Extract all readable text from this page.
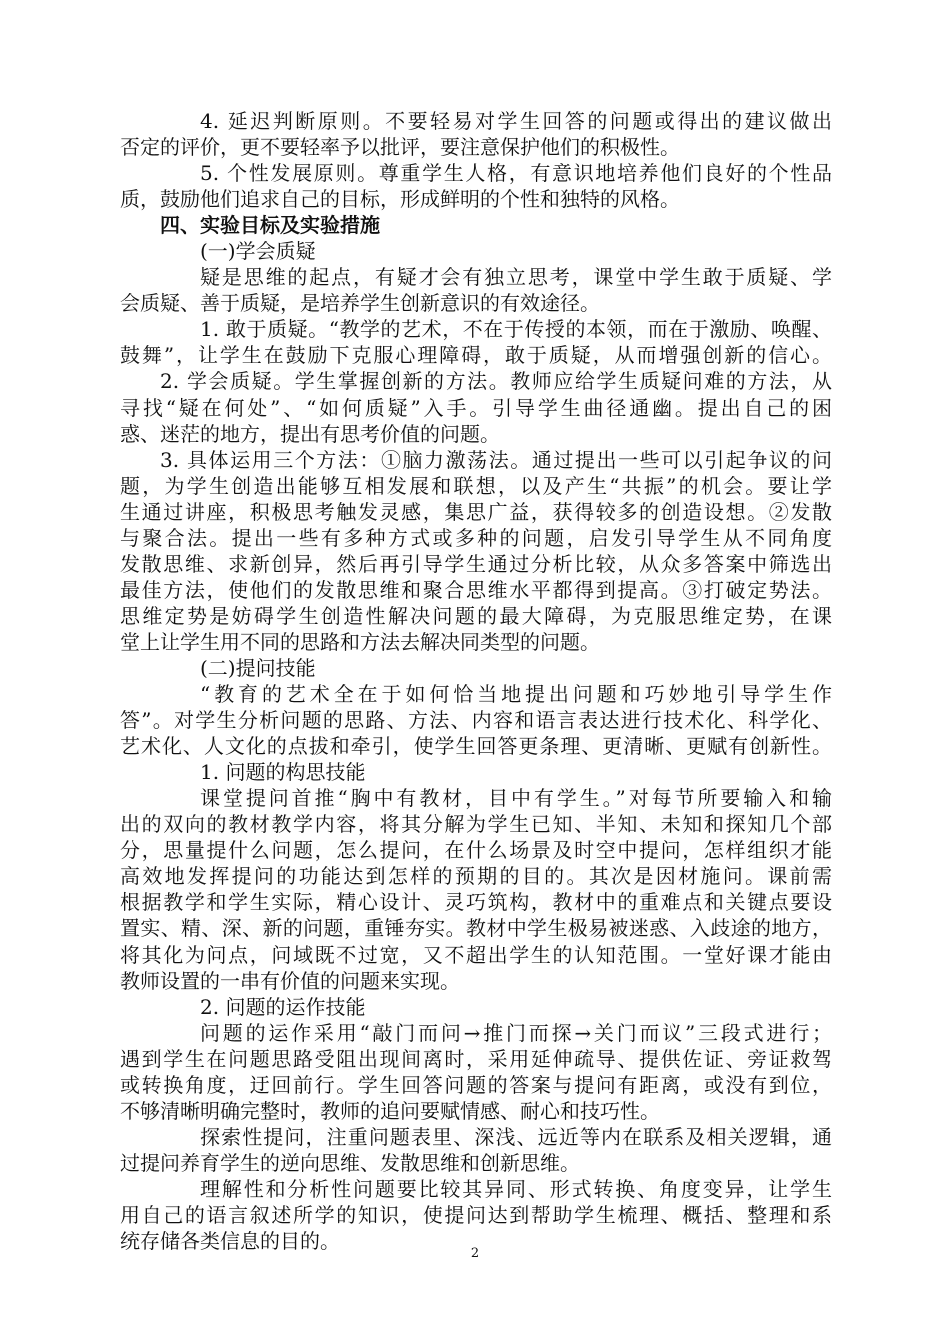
4. 延迟判断原则。不要轻易对学生回答的问题或得出的建议做出
否定的评价，更不要轻率予以批评，要注意保护他们的积极性。
5. 个性发展原则。尊重学生人格，有意识地培养他们良好的个性品
质，鼓励他们追求自己的目标，形成鲜明的个性和独特的风格。
四、实验目标及实验措施
(一)学会质疑
疑是思维的起点，有疑才会有独立思考，课堂中学生敢于质疑、学
会质疑、善于质疑，是培养学生创新意识的有效途径。
1. 敢于质疑。“教学的艺术，不在于传授的本领，而在于激励、唤醒、
鼓舞”，让学生在鼓励下克服心理障碍，敢于质疑，从而增强创新的信心。
2. 学会质疑。学生掌握创新的方法。教师应给学生质疑问难的方法，从
寻找“疑在何处”、“如何质疑”入手。引导学生曲径通幽。提出自己的困
惑、迷茫的地方，提出有思考价值的问题。
3. 具体运用三个方法：①脑力激荡法。通过提出一些可以引起争议的问
题，为学生创造出能够互相发展和联想，以及产生“共振”的机会。要让学
生通过讲座，积极思考触发灵感，集思广益，获得较多的创造设想。②发散
与聚合法。提出一些有多种方式或多种的问题，启发引导学生从不同角度
发散思维、求新创异，然后再引导学生通过分析比较，从众多答案中筛选出
最佳方法，使他们的发散思维和聚合思维水平都得到提高。③打破定势法。
思维定势是妨碍学生创造性解决问题的最大障碍，为克服思维定势，在课
堂上让学生用不同的思路和方法去解决同类型的问题。
(二)提问技能
“教育的艺术全在于如何恰当地提出问题和巧妙地引导学生作
答”。对学生分析问题的思路、方法、内容和语言表达进行技术化、科学化、
艺术化、人文化的点拔和牵引，使学生回答更条理、更清晰、更赋有创新性。
1. 问题的构思技能
课堂提问首推“胸中有教材，目中有学生。”对每节所要输入和输
出的双向的教材教学内容，将其分解为学生已知、半知、未知和探知几个部
分，思量提什么问题，怎么提问，在什么场景及时空中提问，怎样组织才能
高效地发挥提问的功能达到怎样的预期的目的。其次是因材施问。课前需
根据教学和学生实际，精心设计、灵巧筑构，教材中的重难点和关键点要设
置实、精、深、新的问题，重锤夯实。教材中学生极易被迷惑、入歧途的地方，
将其化为问点，问域既不过宽，又不超出学生的认知范围。一堂好课才能由
教师设置的一串有价值的问题来实现。
2. 问题的运作技能
问题的运作采用“敲门而问→推门而探→关门而议”三段式进行；
遇到学生在问题思路受阻出现间离时，采用延伸疏导、提供佐证、旁证救驾
或转换角度，迂回前行。学生回答问题的答案与提问有距离，或没有到位，
不够清晰明确完整时，教师的追问要赋情感、耐心和技巧性。
探索性提问，注重问题表里、深浅、远近等内在联系及相关逻辑，通
过提问养育学生的逆向思维、发散思维和创新思维。
理解性和分析性问题要比较其异同、形式转换、角度变异，让学生
用自己的语言叙述所学的知识，使提问达到帮助学生梳理、概括、整理和系
统存储各类信息的目的。
2
